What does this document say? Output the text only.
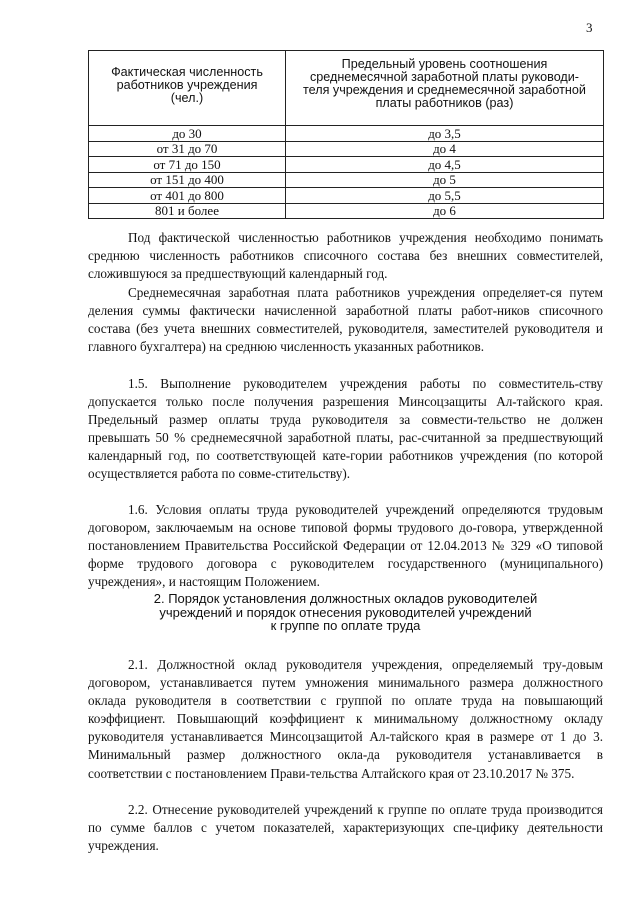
3
Фактическая численность
работников учреждения
(чел.)	Предельный уровень соотношения
среднемесячной заработной платы руководи-
теля учреждения и среднемесячной заработной
платы работников (раз)
до 30	до 3,5
от 31 до 70	до 4
от 71 до 150	до 4,5
от 151 до 400	до 5
от 401 до 800	до 5,5
801 и более	до 6

Под фактической численностью работников учреждения необходимо понимать среднюю численность работников списочного состава без внешних совместителей, сложившуюся за предшествующий календарный год.

Среднемесячная заработная плата работников учреждения определяет-ся путем деления суммы фактически начисленной заработной платы работ-ников списочного состава (без учета внешних совместителей, руководителя, заместителей руководителя и главного бухгалтера) на среднюю численность указанных работников.

1.5. Выполнение руководителем учреждения работы по совместитель-ству допускается только после получения разрешения Минсоцзащиты Ал-тайского края. Предельный размер оплаты труда руководителя за совмести-тельство не должен превышать 50 % среднемесячной заработной платы, рас-считанной за предшествующий календарный год, по соответствующей кате-гории работников учреждения (по которой осуществляется работа по совме-стительству).

1.6. Условия оплаты труда руководителей учреждений определяются трудовым договором, заключаемым на основе типовой формы трудового до-говора, утвержденной постановлением Правительства Российской Федерации от 12.04.2013 № 329 «О типовой форме трудового договора с руководителем государственного (муниципального) учреждения», и настоящим Положением.

2. Порядок установления должностных окладов руководителей
учреждений и порядок отнесения руководителей учреждений
к группе по оплате труда

2.1. Должностной оклад руководителя учреждения, определяемый тру-довым договором, устанавливается путем умножения минимального размера должностного оклада руководителя в соответствии с группой по оплате труда на повышающий коэффициент. Повышающий коэффициент к минимальному должностному окладу руководителя устанавливается Минсоцзащитой Ал-тайского края в размере от 1 до 3. Минимальный размер должностного окла-да руководителя устанавливается в соответствии с постановлением Прави-тельства Алтайского края от 23.10.2017 № 375.

2.2. Отнесение руководителей учреждений к группе по оплате труда производится по сумме баллов с учетом показателей, характеризующих спе-цифику деятельности учреждения.
